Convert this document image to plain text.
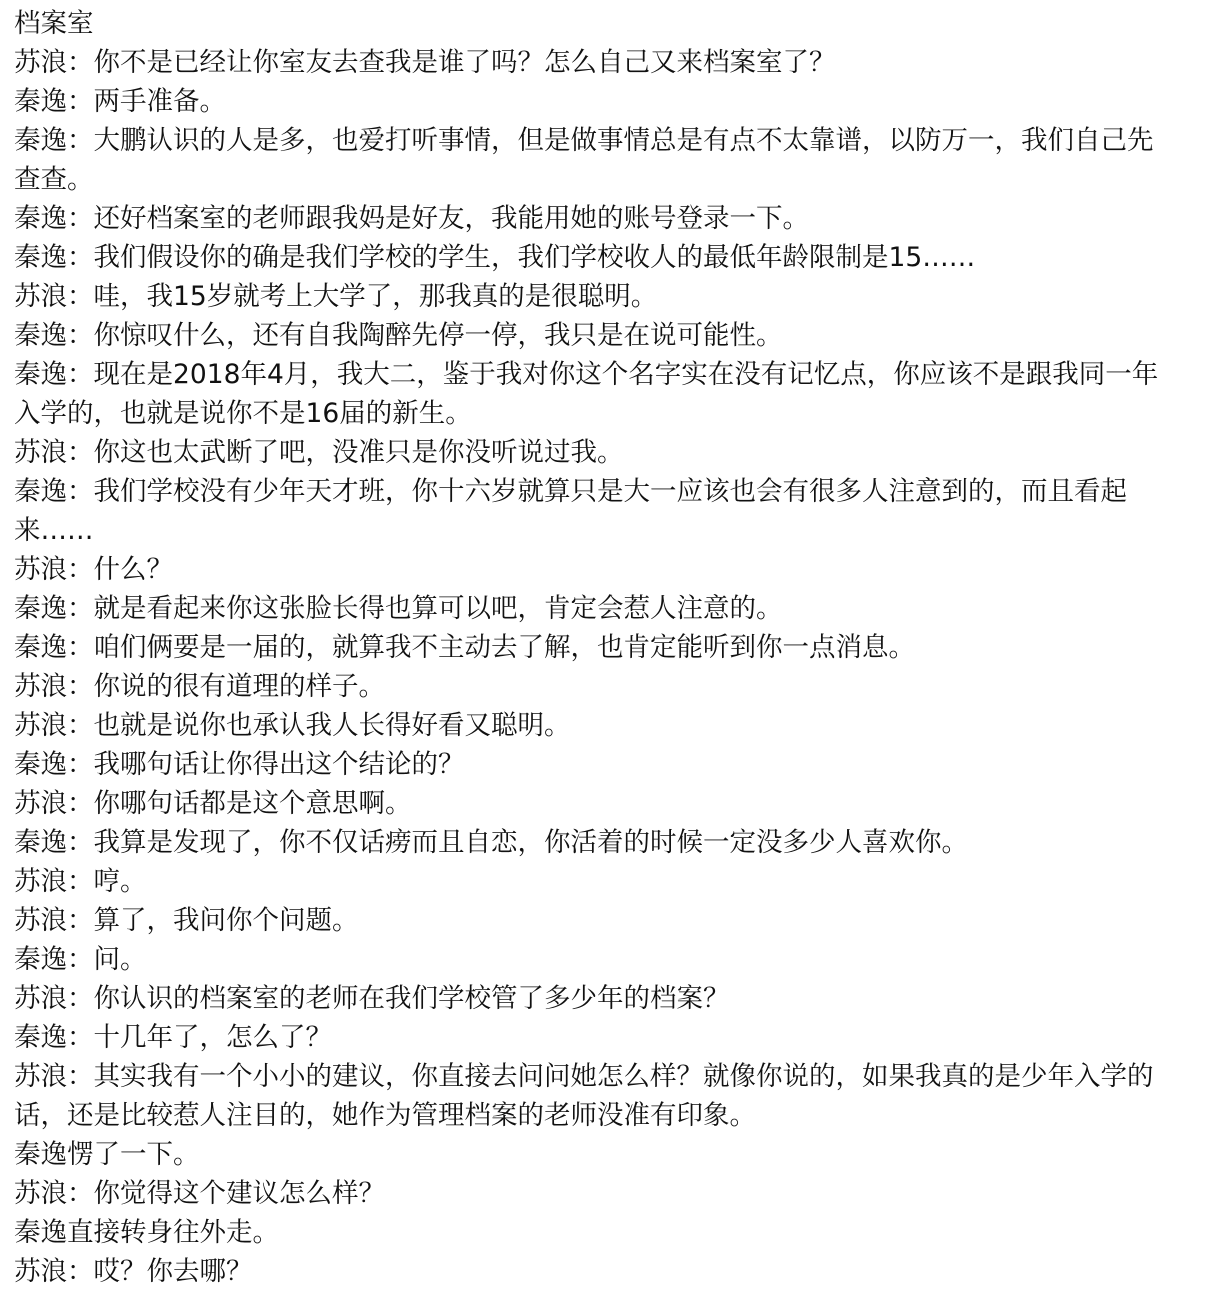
档案室

苏浪：你不是已经让你室友去查我是谁了吗？怎么自己又来档案室了？

秦逸：两手准备。

秦逸：大鹏认识的人是多，也爱打听事情，但是做事情总是有点不太靠谱，以防万一，我们自己先查查。

秦逸：还好档案室的老师跟我妈是好友，我能用她的账号登录一下。

秦逸：我们假设你的确是我们学校的学生，我们学校收人的最低年龄限制是15……

苏浪：哇，我15岁就考上大学了，那我真的是很聪明。

秦逸：你惊叹什么，还有自我陶醉先停一停，我只是在说可能性。

秦逸：现在是2018年4月，我大二，鉴于我对你这个名字实在没有记忆点，你应该不是跟我同一年入学的，也就是说你不是16届的新生。

苏浪：你这也太武断了吧，没准只是你没听说过我。

秦逸：我们学校没有少年天才班，你十六岁就算只是大一应该也会有很多人注意到的，而且看起来……

苏浪：什么？

秦逸：就是看起来你这张脸长得也算可以吧，肯定会惹人注意的。

秦逸：咱们俩要是一届的，就算我不主动去了解，也肯定能听到你一点消息。

苏浪：你说的很有道理的样子。

苏浪：也就是说你也承认我人长得好看又聪明。

秦逸：我哪句话让你得出这个结论的？

苏浪：你哪句话都是这个意思啊。

秦逸：我算是发现了，你不仅话痨而且自恋，你活着的时候一定没多少人喜欢你。

苏浪：哼。

苏浪：算了，我问你个问题。

秦逸：问。

苏浪：你认识的档案室的老师在我们学校管了多少年的档案？

秦逸：十几年了，怎么了？

苏浪：其实我有一个小小的建议，你直接去问问她怎么样？就像你说的，如果我真的是少年入学的话，还是比较惹人注目的，她作为管理档案的老师没准有印象。

秦逸愣了一下。

苏浪：你觉得这个建议怎么样？

秦逸直接转身往外走。

苏浪：哎？你去哪？
